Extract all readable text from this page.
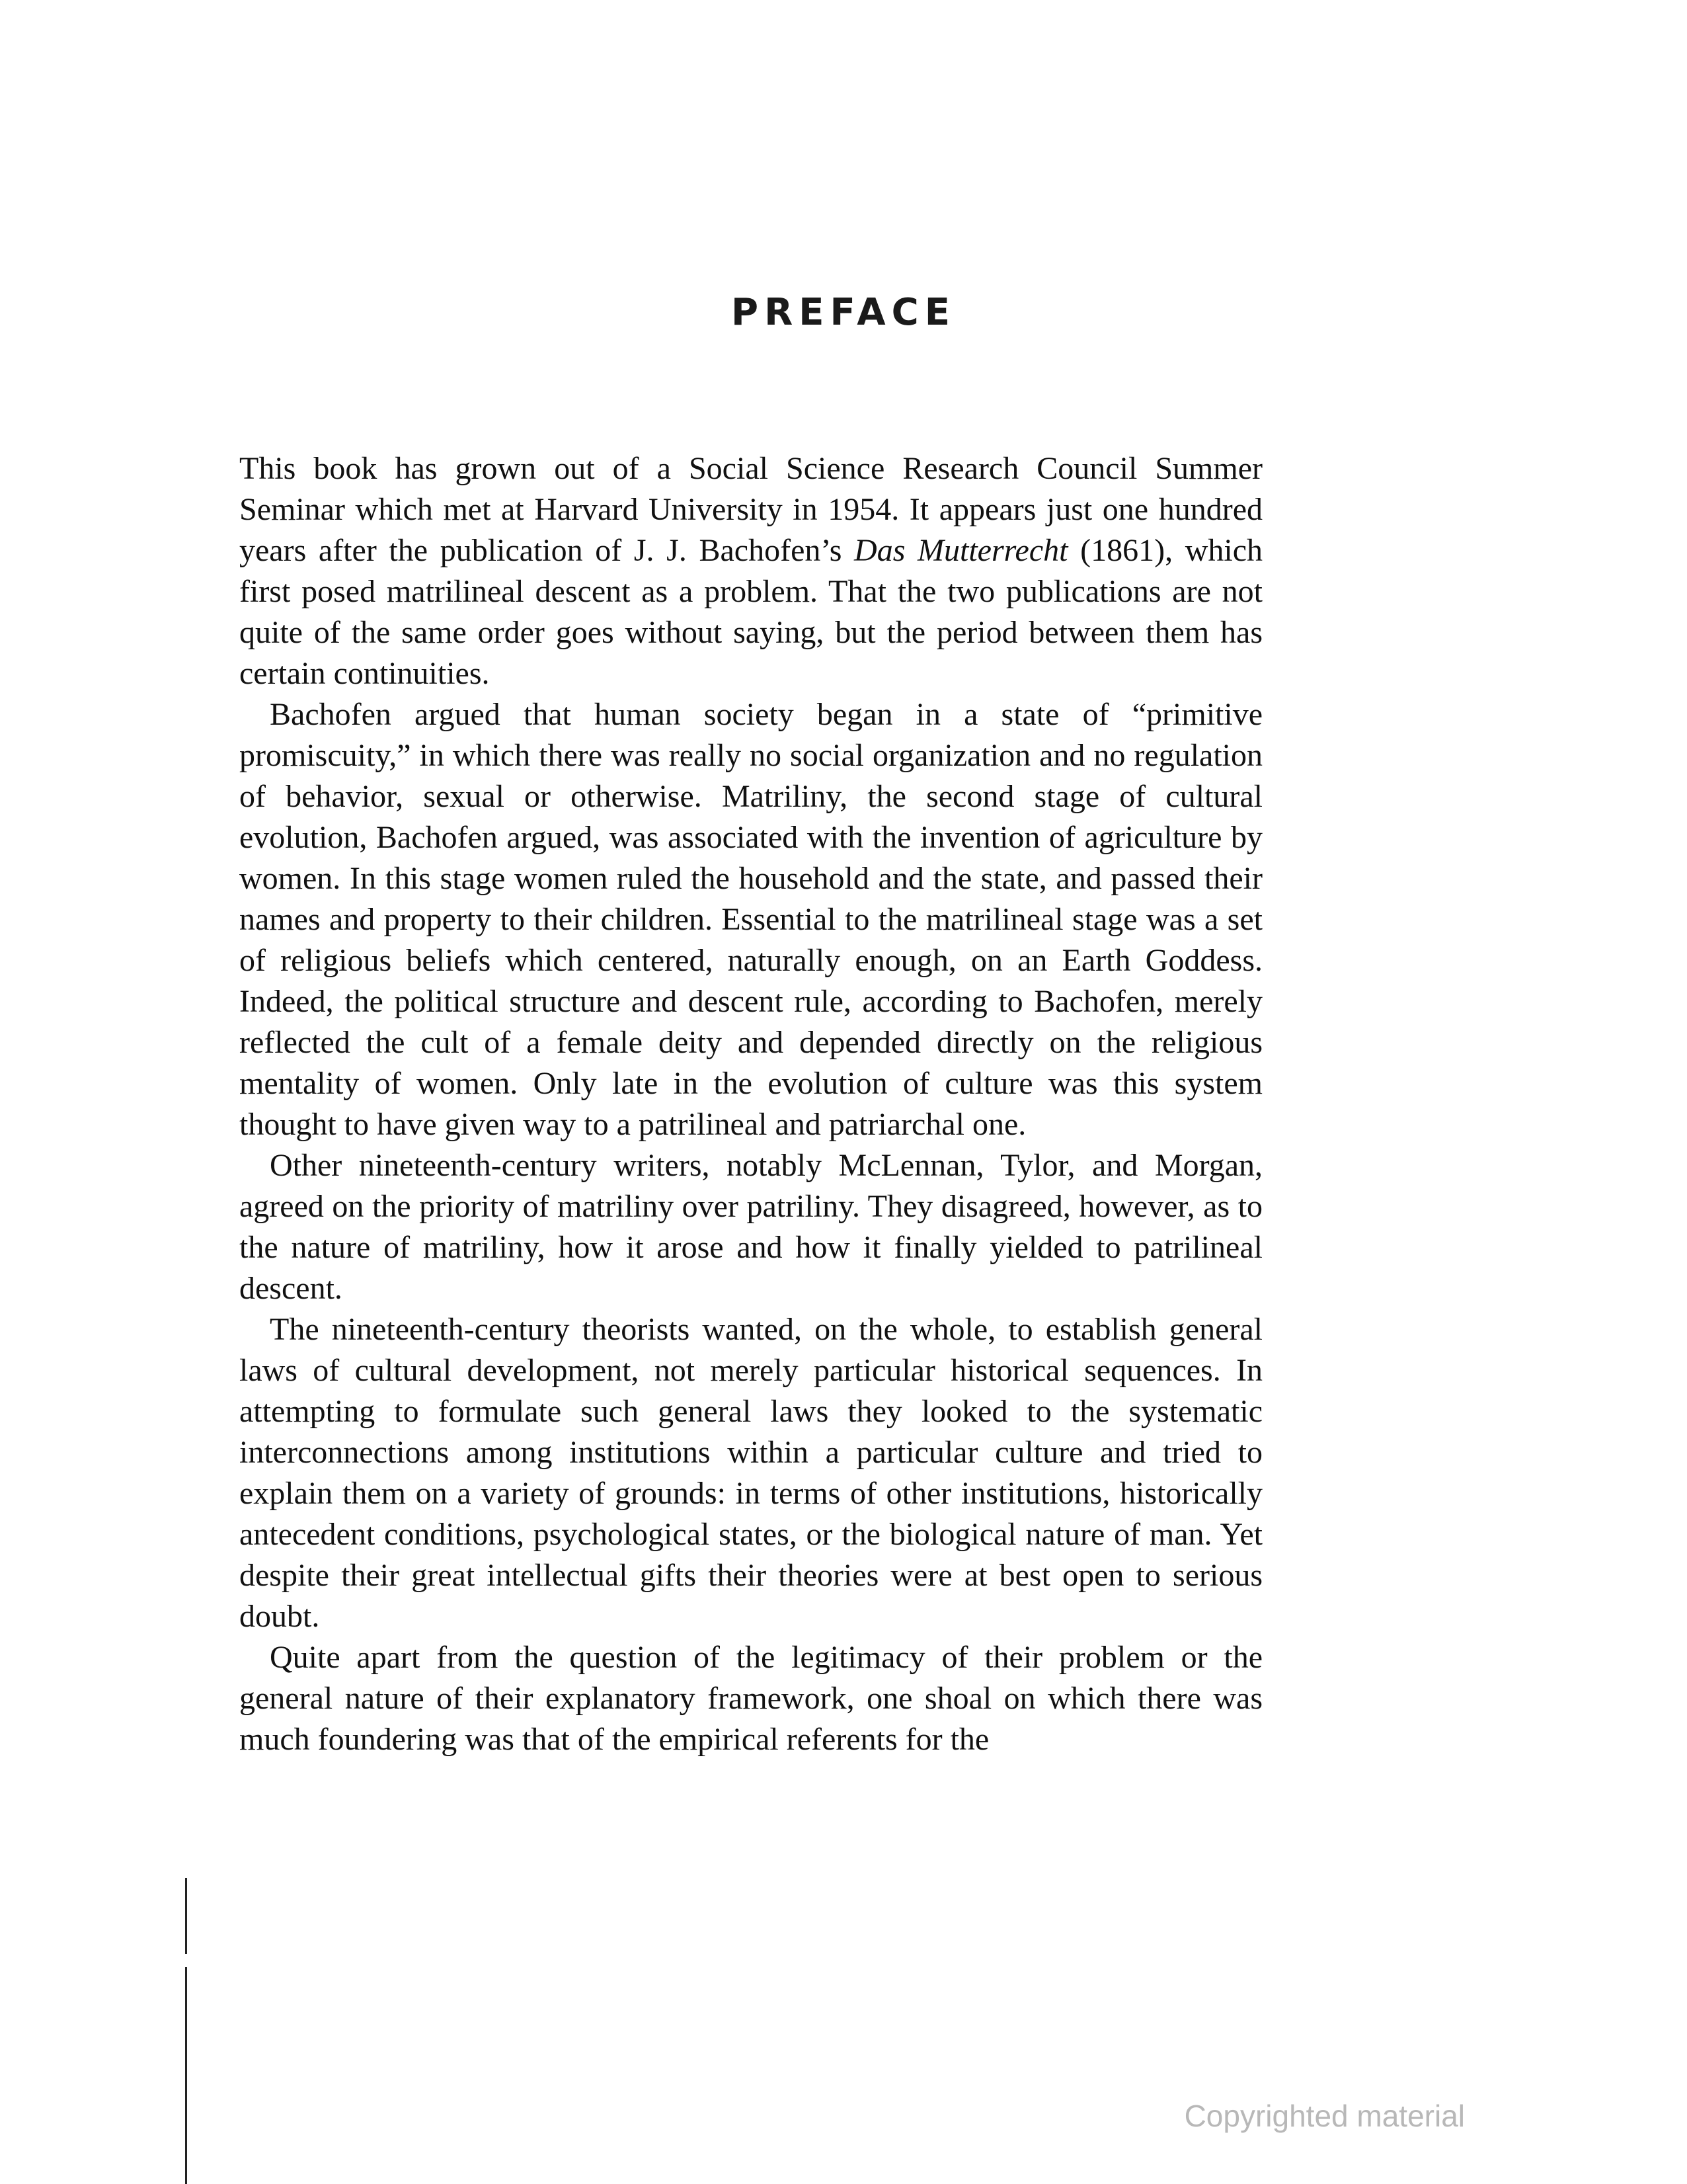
PREFACE

This book has grown out of a Social Science Research Council Summer Seminar which met at Harvard University in 1954. It appears just one hundred years after the publication of J. J. Bachofen’s Das Mutterrecht (1861), which first posed matrilineal descent as a problem. That the two publications are not quite of the same order goes without saying, but the period between them has certain continuities.

Bachofen argued that human society began in a state of “primitive promiscuity,” in which there was really no social organization and no regulation of behavior, sexual or otherwise. Matriliny, the second stage of cultural evolution, Bachofen argued, was associated with the invention of agriculture by women. In this stage women ruled the household and the state, and passed their names and property to their children. Essential to the matrilineal stage was a set of religious beliefs which centered, naturally enough, on an Earth Goddess. Indeed, the political structure and descent rule, according to Bachofen, merely reflected the cult of a female deity and depended directly on the religious mentality of women. Only late in the evolution of culture was this system thought to have given way to a patrilineal and patriarchal one.

Other nineteenth-century writers, notably McLennan, Tylor, and Morgan, agreed on the priority of matriliny over patriliny. They disagreed, however, as to the nature of matriliny, how it arose and how it finally yielded to patrilineal descent.

The nineteenth-century theorists wanted, on the whole, to establish general laws of cultural development, not merely particular historical sequences. In attempting to formulate such general laws they looked to the systematic interconnections among institutions within a particular culture and tried to explain them on a variety of grounds: in terms of other institutions, historically antecedent conditions, psychological states, or the biological nature of man. Yet despite their great intellectual gifts their theories were at best open to serious doubt.

Quite apart from the question of the legitimacy of their problem or the general nature of their explanatory framework, one shoal on which there was much foundering was that of the empirical referents for the

Copyrighted material
